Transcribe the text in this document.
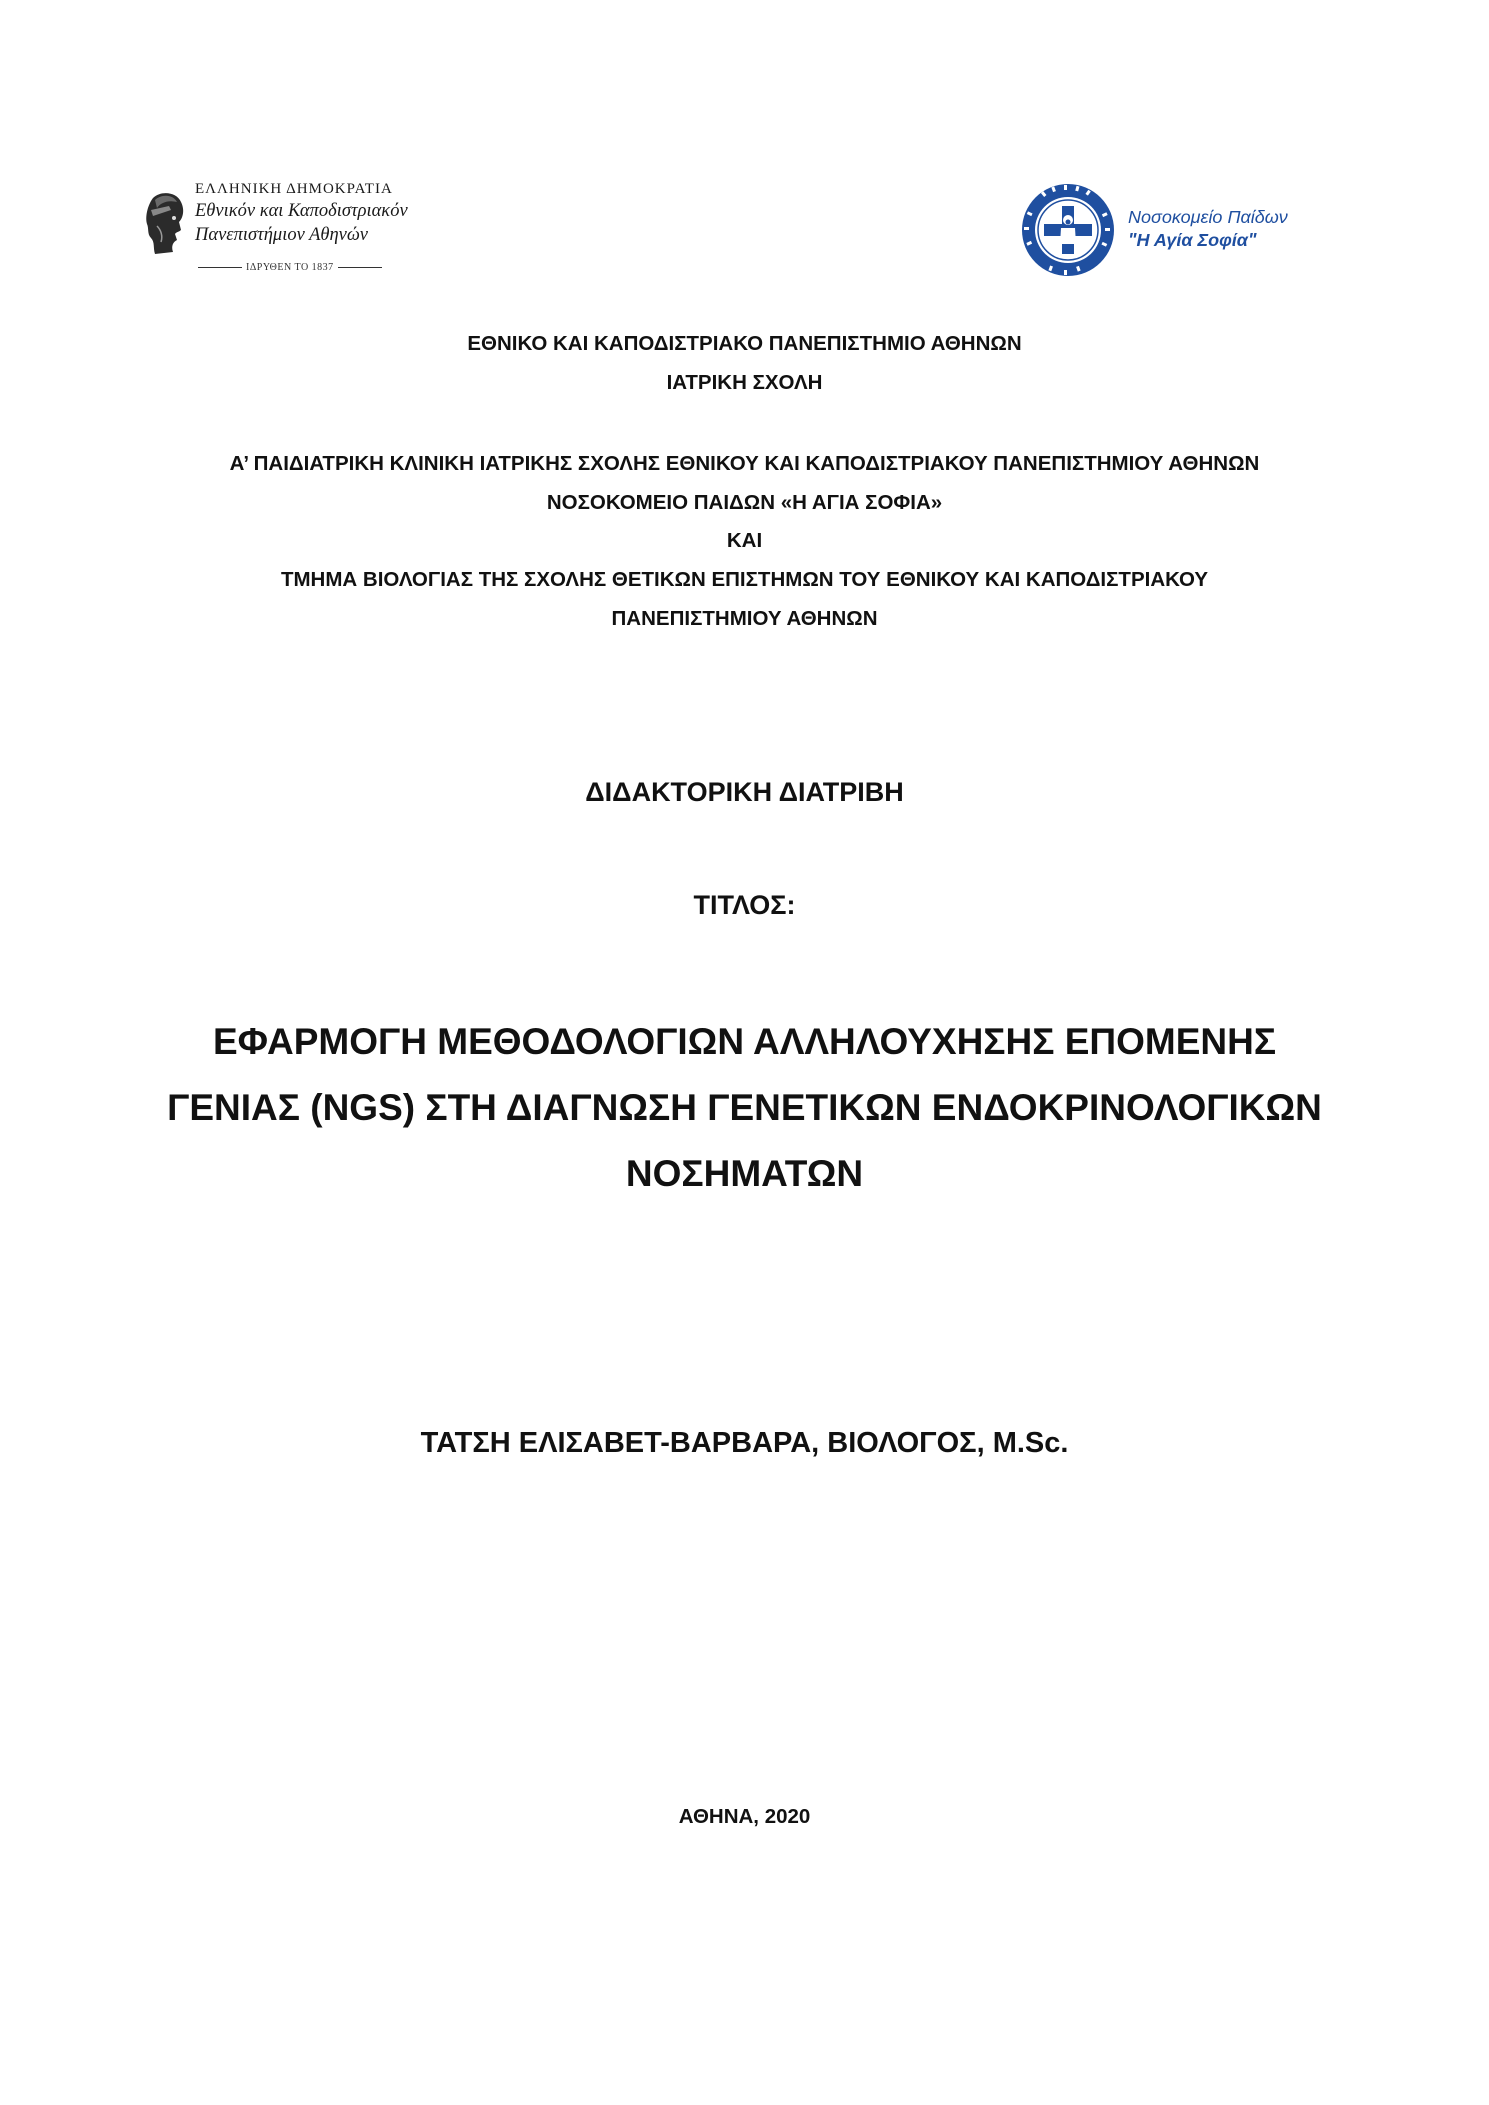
ΕΛΛΗΝΙΚΗ ΔΗΜΟΚΡΑΤΙΑ
Εθνικόν και Καποδιστριακόν
Πανεπιστήμιον Αθηνών
ΙΔΡΥΘΕΝ ΤΟ 1837
Νοσοκομείο Παίδων
"Η Αγία Σοφία"
ΕΘΝΙΚΟ ΚΑΙ ΚΑΠΟΔΙΣΤΡΙΑΚΟ ΠΑΝΕΠΙΣΤΗΜΙΟ ΑΘΗΝΩΝ
ΙΑΤΡΙΚΗ ΣΧΟΛΗ
Α’ ΠΑΙΔΙΑΤΡΙΚΗ ΚΛΙΝΙΚΗ ΙΑΤΡΙΚΗΣ ΣΧΟΛΗΣ ΕΘΝΙΚΟΥ ΚΑΙ ΚΑΠΟΔΙΣΤΡΙΑΚΟΥ ΠΑΝΕΠΙΣΤΗΜΙΟΥ ΑΘΗΝΩΝ
ΝΟΣΟΚΟΜΕΙΟ ΠΑΙΔΩΝ «Η ΑΓΙΑ ΣΟΦΙΑ»
ΚΑΙ
ΤΜΗΜΑ ΒΙΟΛΟΓΙΑΣ ΤΗΣ ΣΧΟΛΗΣ ΘΕΤΙΚΩΝ ΕΠΙΣΤΗΜΩΝ ΤΟΥ ΕΘΝΙΚΟΥ ΚΑΙ ΚΑΠΟΔΙΣΤΡΙΑΚΟΥ
ΠΑΝΕΠΙΣΤΗΜΙΟΥ ΑΘΗΝΩΝ
ΔΙΔΑΚΤΟΡΙΚΗ ΔΙΑΤΡΙΒΗ
ΤΙΤΛΟΣ:
ΕΦΑΡΜΟΓΗ ΜΕΘΟΔΟΛΟΓΙΩΝ ΑΛΛΗΛΟΥΧΗΣΗΣ ΕΠΟΜΕΝΗΣ
ΓΕΝΙΑΣ (NGS) ΣΤΗ ΔΙΑΓΝΩΣΗ ΓΕΝΕΤΙΚΩΝ ΕΝΔΟΚΡΙΝΟΛΟΓΙΚΩΝ
ΝΟΣΗΜΑΤΩΝ
ΤΑΤΣΗ ΕΛΙΣΑΒΕΤ-ΒΑΡΒΑΡΑ, ΒΙΟΛΟΓΟΣ, M.Sc.
ΑΘΗΝΑ, 2020
